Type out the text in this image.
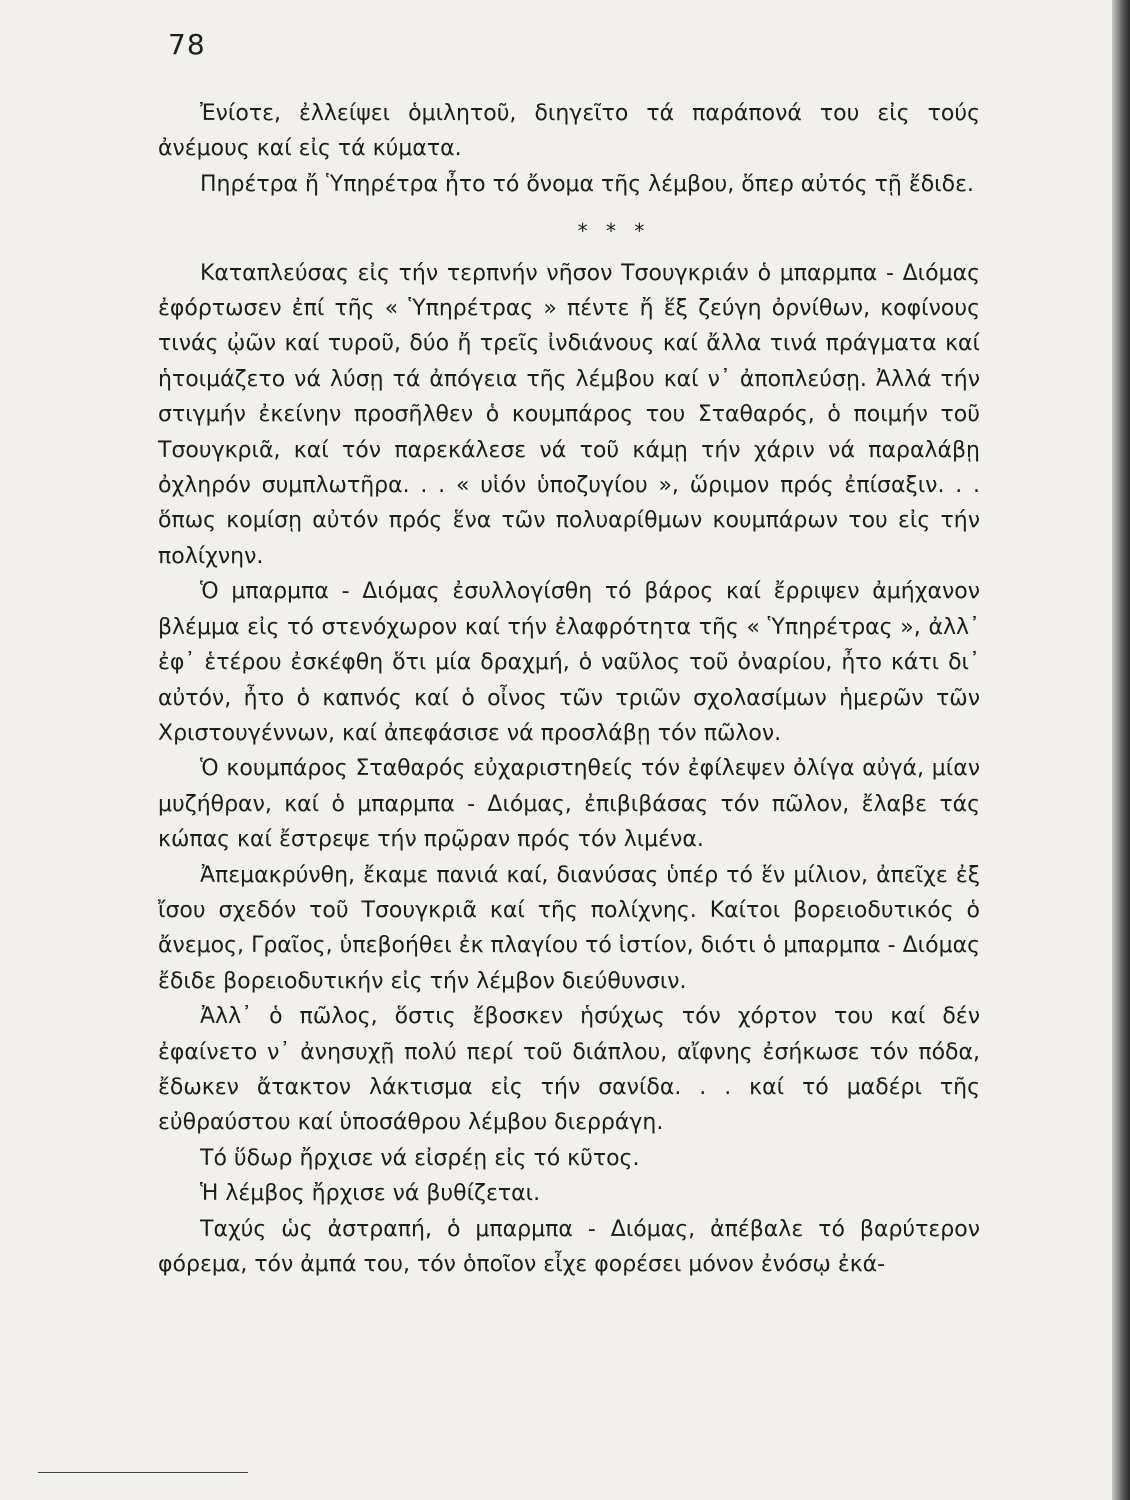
78

Ἐνίοτε, ἐλλείψει ὁμιλητοῦ, διηγεῖτο τά παράπονά του εἰς τούς ἀνέμους καί εἰς τά κύματα.

Πηρέτρα ἤ Ὑπηρέτρα ἦτο τό ὄνομα τῆς λέμβου, ὅπερ αὐτός τῇ ἔδιδε.

* * *

Καταπλεύσας εἰς τήν τερπνήν νῆσον Τσουγκριάν ὁ μπαρμπα - Διόμας ἐφόρτωσεν ἐπί τῆς « Ὑπηρέτρας » πέντε ἤ ἕξ ζεύγη ὀρνίθων, κοφίνους τινάς ᾠῶν καί τυροῦ, δύο ἤ τρεῖς ἰνδιάνους καί ἄλλα τινά πράγματα καί ἡτοιμάζετο νά λύσῃ τά ἀπόγεια τῆς λέμβου καί ν᾿ ἀποπλεύσῃ. Ἀλλά τήν στιγμήν ἐκείνην προσῆλθεν ὁ κουμπάρος του Σταθαρός, ὁ ποιμήν τοῦ Τσουγκριᾶ, καί τόν παρεκάλεσε νά τοῦ κάμῃ τήν χάριν νά παραλάβῃ ὀχληρόν συμπλωτῆρα. . . « υἱόν ὑποζυγίου », ὥριμον πρός ἐπίσαξιν. . . ὅπως κομίσῃ αὐτόν πρός ἕνα τῶν πολυαρίθμων κουμπάρων του εἰς τήν πολίχνην.

Ὁ μπαρμπα - Διόμας ἐσυλλογίσθη τό βάρος καί ἔρριψεν ἀμήχανον βλέμμα εἰς τό στενόχωρον καί τήν ἐλαφρότητα τῆς « Ὑπηρέτρας », ἀλλ᾿ ἐφ᾿ ἑτέρου ἐσκέφθη ὅτι μία δραχμή, ὁ ναῦλος τοῦ ὀναρίου, ἦτο κάτι δι᾿ αὐτόν, ἦτο ὁ καπνός καί ὁ οἶνος τῶν τριῶν σχολασίμων ἡμερῶν τῶν Χριστουγέννων, καί ἀπεφάσισε νά προσλάβῃ τόν πῶλον.

Ὁ κουμπάρος Σταθαρός εὐχαριστηθείς τόν ἐφίλεψεν ὀλίγα αὐγά, μίαν μυζήθραν, καί ὁ μπαρμπα - Διόμας, ἐπιβιβάσας τόν πῶλον, ἔλαβε τάς κώπας καί ἔστρεψε τήν πρῷραν πρός τόν λιμένα.

Ἀπεμακρύνθη, ἔκαμε πανιά καί, διανύσας ὑπέρ τό ἕν μίλιον, ἀπεῖχε ἐξ ἴσου σχεδόν τοῦ Τσουγκριᾶ καί τῆς πολίχνης. Καίτοι βορειοδυτικός ὁ ἄνεμος, Γραῖος, ὑπεβοήθει ἐκ πλαγίου τό ἱστίον, διότι ὁ μπαρμπα - Διόμας ἔδιδε βορειοδυτικήν εἰς τήν λέμβον διεύθυνσιν.

Ἀλλ᾿ ὁ πῶλος, ὅστις ἔβοσκεν ἡσύχως τόν χόρτον του καί δέν ἐφαίνετο ν᾿ ἀνησυχῇ πολύ περί τοῦ διάπλου, αἴφνης ἐσήκωσε τόν πόδα, ἔδωκεν ἄτακτον λάκτισμα εἰς τήν σανίδα. . . καί τό μαδέρι τῆς εὐθραύστου καί ὑποσάθρου λέμβου διερράγη.

Τό ὕδωρ ἤρχισε νά εἰσρέῃ εἰς τό κῦτος.

Ἡ λέμβος ἤρχισε νά βυθίζεται.

Ταχύς ὡς ἀστραπή, ὁ μπαρμπα - Διόμας, ἀπέβαλε τό βαρύτερον φόρεμα, τόν ἀμπά του, τόν ὁποῖον εἶχε φορέσει μόνον ἐνόσῳ ἐκά-
